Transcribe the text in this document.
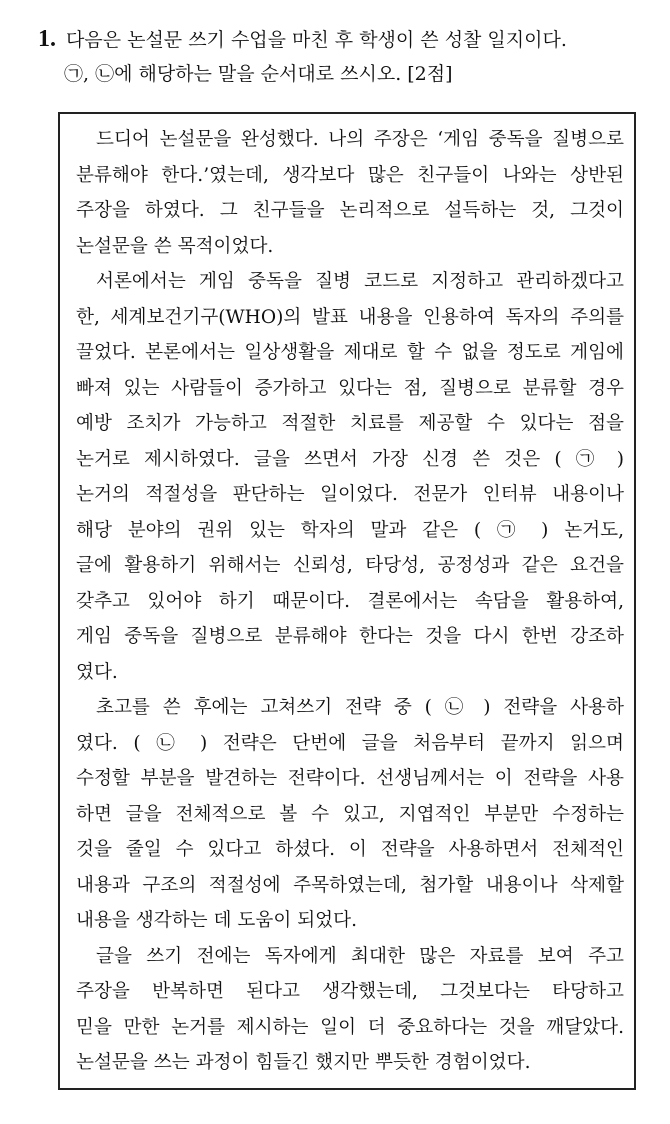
1. 다음은 논설문 쓰기 수업을 마친 후 학생이 쓴 성찰 일지이다.
㉠, ㉡에 해당하는 말을 순서대로 쓰시오. [2점]
드디어 논설문을 완성했다. 나의 주장은 ‘게임 중독을 질병으로
분류해야 한다.’였는데, 생각보다 많은 친구들이 나와는 상반된
주장을 하였다. 그 친구들을 논리적으로 설득하는 것, 그것이
논설문을 쓴 목적이었다.
서론에서는 게임 중독을 질병 코드로 지정하고 관리하겠다고
한, 세계보건기구(WHO)의 발표 내용을 인용하여 독자의 주의를
끌었다. 본론에서는 일상생활을 제대로 할 수 없을 정도로 게임에
빠져 있는 사람들이 증가하고 있다는 점, 질병으로 분류할 경우
예방 조치가 가능하고 적절한 치료를 제공할 수 있다는 점을
논거로 제시하였다. 글을 쓰면서 가장 신경 쓴 것은 ( ㉠ )
논거의 적절성을 판단하는 일이었다. 전문가 인터뷰 내용이나
해당 분야의 권위 있는 학자의 말과 같은 ( ㉠ ) 논거도,
글에 활용하기 위해서는 신뢰성, 타당성, 공정성과 같은 요건을
갖추고 있어야 하기 때문이다. 결론에서는 속담을 활용하여,
게임 중독을 질병으로 분류해야 한다는 것을 다시 한번 강조하
였다.
초고를 쓴 후에는 고쳐쓰기 전략 중 ( ㉡ ) 전략을 사용하
였다. ( ㉡ ) 전략은 단번에 글을 처음부터 끝까지 읽으며
수정할 부분을 발견하는 전략이다. 선생님께서는 이 전략을 사용
하면 글을 전체적으로 볼 수 있고, 지엽적인 부분만 수정하는
것을 줄일 수 있다고 하셨다. 이 전략을 사용하면서 전체적인
내용과 구조의 적절성에 주목하였는데, 첨가할 내용이나 삭제할
내용을 생각하는 데 도움이 되었다.
글을 쓰기 전에는 독자에게 최대한 많은 자료를 보여 주고
주장을 반복하면 된다고 생각했는데, 그것보다는 타당하고
믿을 만한 논거를 제시하는 일이 더 중요하다는 것을 깨달았다.
논설문을 쓰는 과정이 힘들긴 했지만 뿌듯한 경험이었다.
